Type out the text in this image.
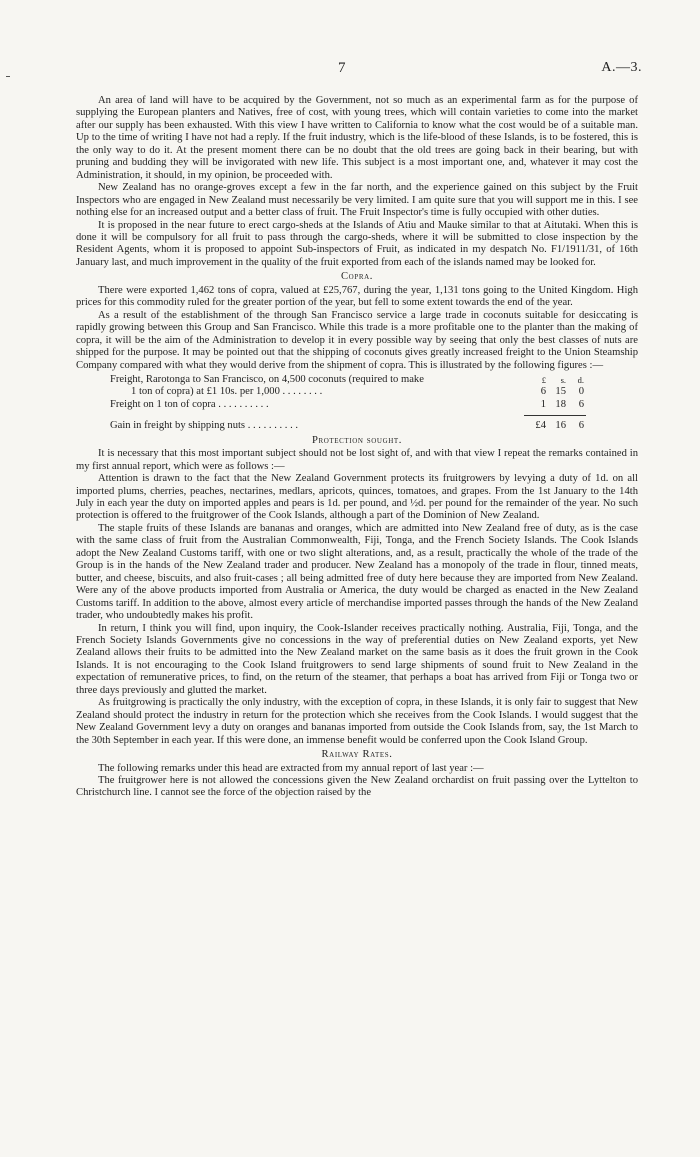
7	A.—3.

An area of land will have to be acquired by the Government, not so much as an experimental farm as for the purpose of supplying the European planters and Natives, free of cost, with young trees, which will contain varieties to come into the market after our supply has been exhausted. With this view I have written to California to know what the cost would be of a suitable man. Up to the time of writing I have not had a reply. If the fruit industry, which is the life-blood of these Islands, is to be fostered, this is the only way to do it. At the present moment there can be no doubt that the old trees are going back in their bearing, but with pruning and budding they will be invigorated with new life. This subject is a most important one, and, whatever it may cost the Administration, it should, in my opinion, be proceeded with.

New Zealand has no orange-groves except a few in the far north, and the experience gained on this subject by the Fruit Inspectors who are engaged in New Zealand must necessarily be very limited. I am quite sure that you will support me in this. I see nothing else for an increased output and a better class of fruit. The Fruit Inspector's time is fully occupied with other duties.

It is proposed in the near future to erect cargo-sheds at the Islands of Atiu and Mauke similar to that at Aitutaki. When this is done it will be compulsory for all fruit to pass through the cargo-sheds, where it will be submitted to close inspection by the Resident Agents, whom it is proposed to appoint Sub-inspectors of Fruit, as indicated in my despatch No. F1/1911/31, of 16th January last, and much improvement in the quality of the fruit exported from each of the islands named may be looked for.

Copra.

There were exported 1,462 tons of copra, valued at £25,767, during the year, 1,131 tons going to the United Kingdom. High prices for this commodity ruled for the greater portion of the year, but fell to some extent towards the end of the year.

As a result of the establishment of the through San Francisco service a large trade in coconuts suitable for desiccating is rapidly growing between this Group and San Francisco. While this trade is a more profitable one to the planter than the making of copra, it will be the aim of the Administration to develop it in every possible way by seeing that only the best classes of nuts are shipped for the purpose. It may be pointed out that the shipping of coconuts gives greatly increased freight to the Union Steamship Company compared with what they would derive from the shipment of copra. This is illustrated by the following figures :—

Freight, Rarotonga to San Francisco, on 4,500 coconuts (required to make	£	s.	d.
1 ton of copra) at £1 10s. per 1,000 . . . . . . . .	6 15	0
Freight on 1 ton of copra . . . . . . . . . .	1 18	6
Gain in freight by shipping nuts . . . . . . . . . .	£4 16	6
Protection sought.

It is necessary that this most important subject should not be lost sight of, and with that view I repeat the remarks contained in my first annual report, which were as follows :—

Attention is drawn to the fact that the New Zealand Government protects its fruitgrowers by levying a duty of 1d. on all imported plums, cherries, peaches, nectarines, medlars, apricots, quinces, tomatoes, and grapes. From the 1st January to the 14th July in each year the duty on imported apples and pears is 1d. per pound, and ½d. per pound for the remainder of the year. No such protection is offered to the fruitgrower of the Cook Islands, although a part of the Dominion of New Zealand.

The staple fruits of these Islands are bananas and oranges, which are admitted into New Zealand free of duty, as is the case with the same class of fruit from the Australian Commonwealth, Fiji, Tonga, and the French Society Islands. The Cook Islands adopt the New Zealand Customs tariff, with one or two slight alterations, and, as a result, practically the whole of the trade of the Group is in the hands of the New Zealand trader and producer. New Zealand has a monopoly of the trade in flour, tinned meats, butter, and cheese, biscuits, and also fruit-cases ; all being admitted free of duty here because they are imported from New Zealand. Were any of the above products imported from Australia or America, the duty would be charged as enacted in the New Zealand Customs tariff. In addition to the above, almost every article of merchandise imported passes through the hands of the New Zealand trader, who undoubtedly makes his profit.

In return, I think you will find, upon inquiry, the Cook-Islander receives practically nothing. Australia, Fiji, Tonga, and the French Society Islands Governments give no concessions in the way of preferential duties on New Zealand exports, yet New Zealand allows their fruits to be admitted into the New Zealand market on the same basis as it does the fruit grown in the Cook Islands. It is not encouraging to the Cook Island fruitgrowers to send large shipments of sound fruit to New Zealand in the expectation of remunerative prices, to find, on the return of the steamer, that perhaps a boat has arrived from Fiji or Tonga two or three days previously and glutted the market.

As fruitgrowing is practically the only industry, with the exception of copra, in these Islands, it is only fair to suggest that New Zealand should protect the industry in return for the protection which she receives from the Cook Islands. I would suggest that the New Zealand Government levy a duty on oranges and bananas imported from outside the Cook Islands from, say, the 1st March to the 30th September in each year. If this were done, an immense benefit would be conferred upon the Cook Island Group.

Railway Rates.

The following remarks under this head are extracted from my annual report of last year :—

The fruitgrower here is not allowed the concessions given the New Zealand orchardist on fruit passing over the Lyttelton to Christchurch line. I cannot see the force of the objection raised by the
